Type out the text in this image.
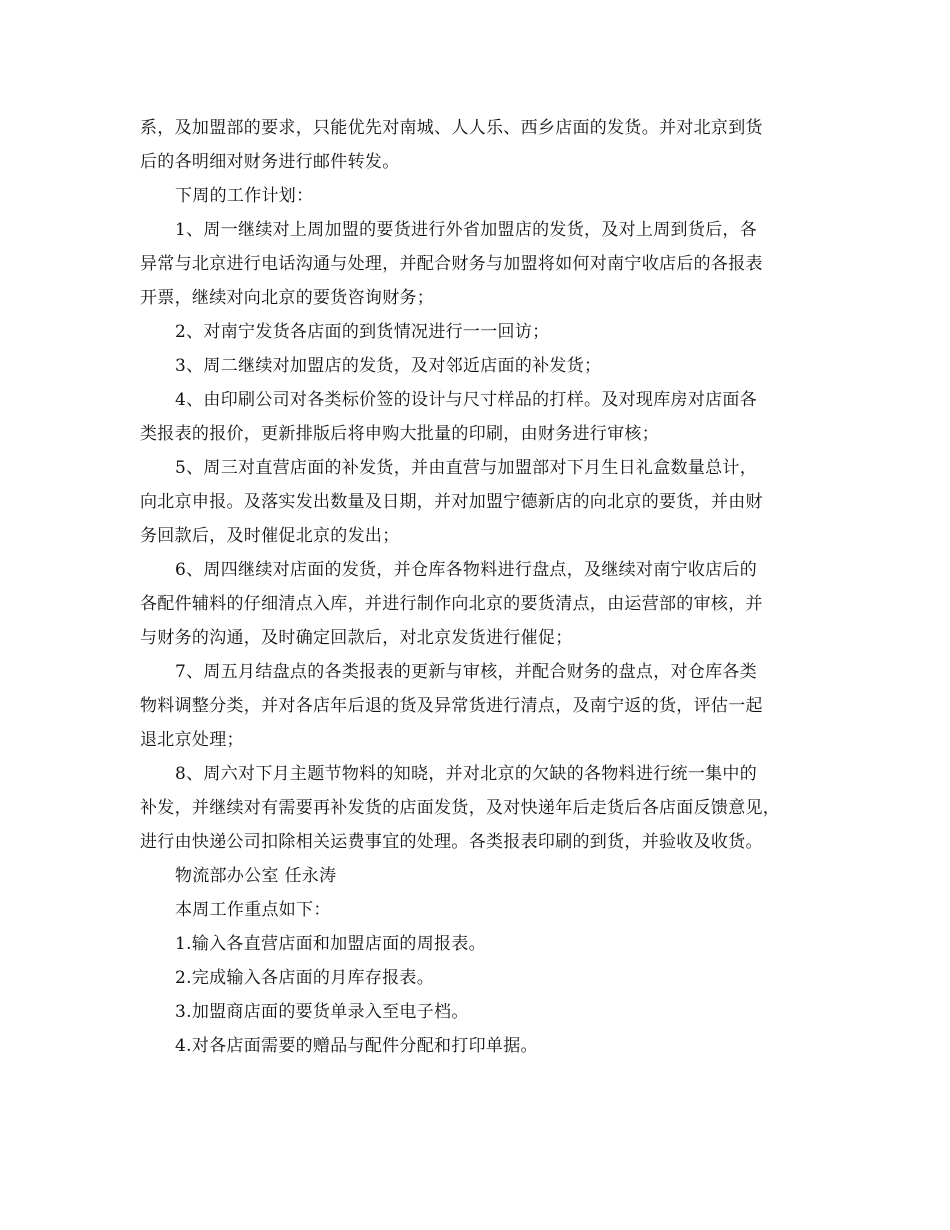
系，及加盟部的要求，只能优先对南城、人人乐、西乡店面的发货。并对北京到货
后的各明细对财务进行邮件转发。
下周的工作计划：
1、周一继续对上周加盟的要货进行外省加盟店的发货，及对上周到货后，各
异常与北京进行电话沟通与处理，并配合财务与加盟将如何对南宁收店后的各报表
开票，继续对向北京的要货咨询财务；
2、对南宁发货各店面的到货情况进行一一回访；
3、周二继续对加盟店的发货，及对邻近店面的补发货；
4、由印刷公司对各类标价签的设计与尺寸样品的打样。及对现库房对店面各
类报表的报价，更新排版后将申购大批量的印刷，由财务进行审核；
5、周三对直营店面的补发货，并由直营与加盟部对下月生日礼盒数量总计，
向北京申报。及落实发出数量及日期，并对加盟宁德新店的向北京的要货，并由财
务回款后，及时催促北京的发出；
6、周四继续对店面的发货，并仓库各物料进行盘点，及继续对南宁收店后的
各配件辅料的仔细清点入库，并进行制作向北京的要货清点，由运营部的审核，并
与财务的沟通，及时确定回款后，对北京发货进行催促；
7、周五月结盘点的各类报表的更新与审核，并配合财务的盘点，对仓库各类
物料调整分类，并对各店年后退的货及异常货进行清点，及南宁返的货，评估一起
退北京处理；
8、周六对下月主题节物料的知晓，并对北京的欠缺的各物料进行统一集中的
补发，并继续对有需要再补发货的店面发货，及对快递年后走货后各店面反馈意见，
进行由快递公司扣除相关运费事宜的处理。各类报表印刷的到货，并验收及收货。
物流部办公室 任永涛
本周工作重点如下：
1.输入各直营店面和加盟店面的周报表。
2.完成输入各店面的月库存报表。
3.加盟商店面的要货单录入至电子档。
4.对各店面需要的赠品与配件分配和打印单据。
